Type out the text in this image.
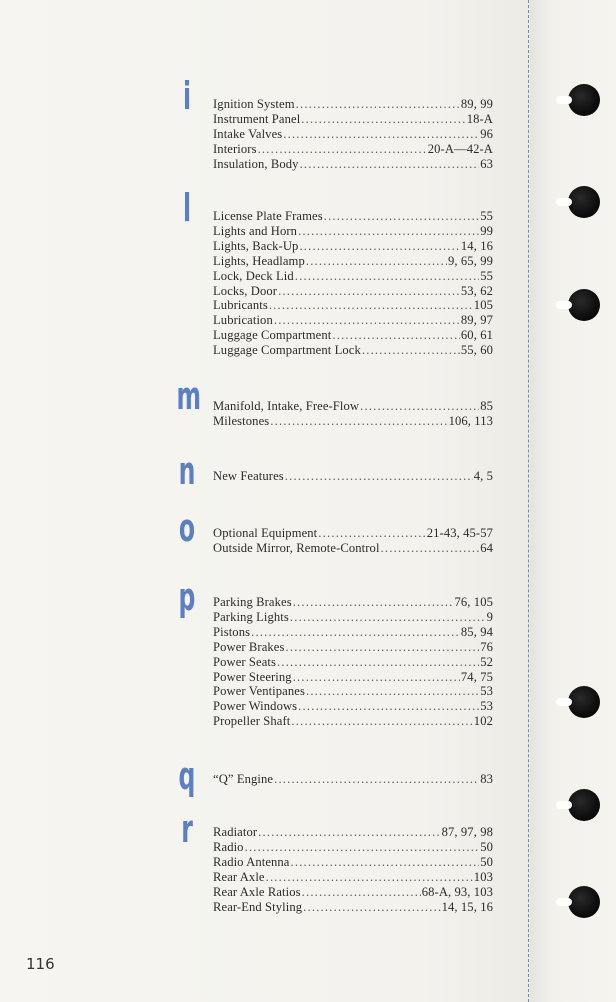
i	Ignition System .....	89, 99
Instrument Panel .....	18-A
Intake Valves .....	96
Interiors .....	20-A—42-A
Insulation, Body .....	63
l	License Plate Frames .....	55
Lights and Horn .....	99
Lights, Back-Up .....	14, 16
Lights, Headlamp .....	9, 65, 99
Lock, Deck Lid .....	55
Locks, Door .....	53, 62
Lubricants .....	105
Lubrication .....	89, 97
Luggage Compartment .....	60, 61
Luggage Compartment Lock .....	55, 60
m Manifold, Intake, Free-Flow .....	85
Milestones .....	106, 113
n New Features .....	4, 5
o Optional Equipment .....	21-43, 45-57
Outside Mirror, Remote-Control .....	64
p Parking Brakes .....	76, 105
Parking Lights .....	9
Pistons .....	85, 94
Power Brakes .....	76
Power Seats .....	52
Power Steering .....	74, 75
Power Ventipanes .....	53
Power Windows .....	53
Propeller Shaft .....	102
q “Q” Engine .....	83
r	Radiator .....	87, 97, 98
Radio .....	50
Radio Antenna .....	50
Rear Axle .....	103
Rear Axle Ratios .....	68-A, 93, 103
Rear-End Styling .....	14, 15, 16
116
